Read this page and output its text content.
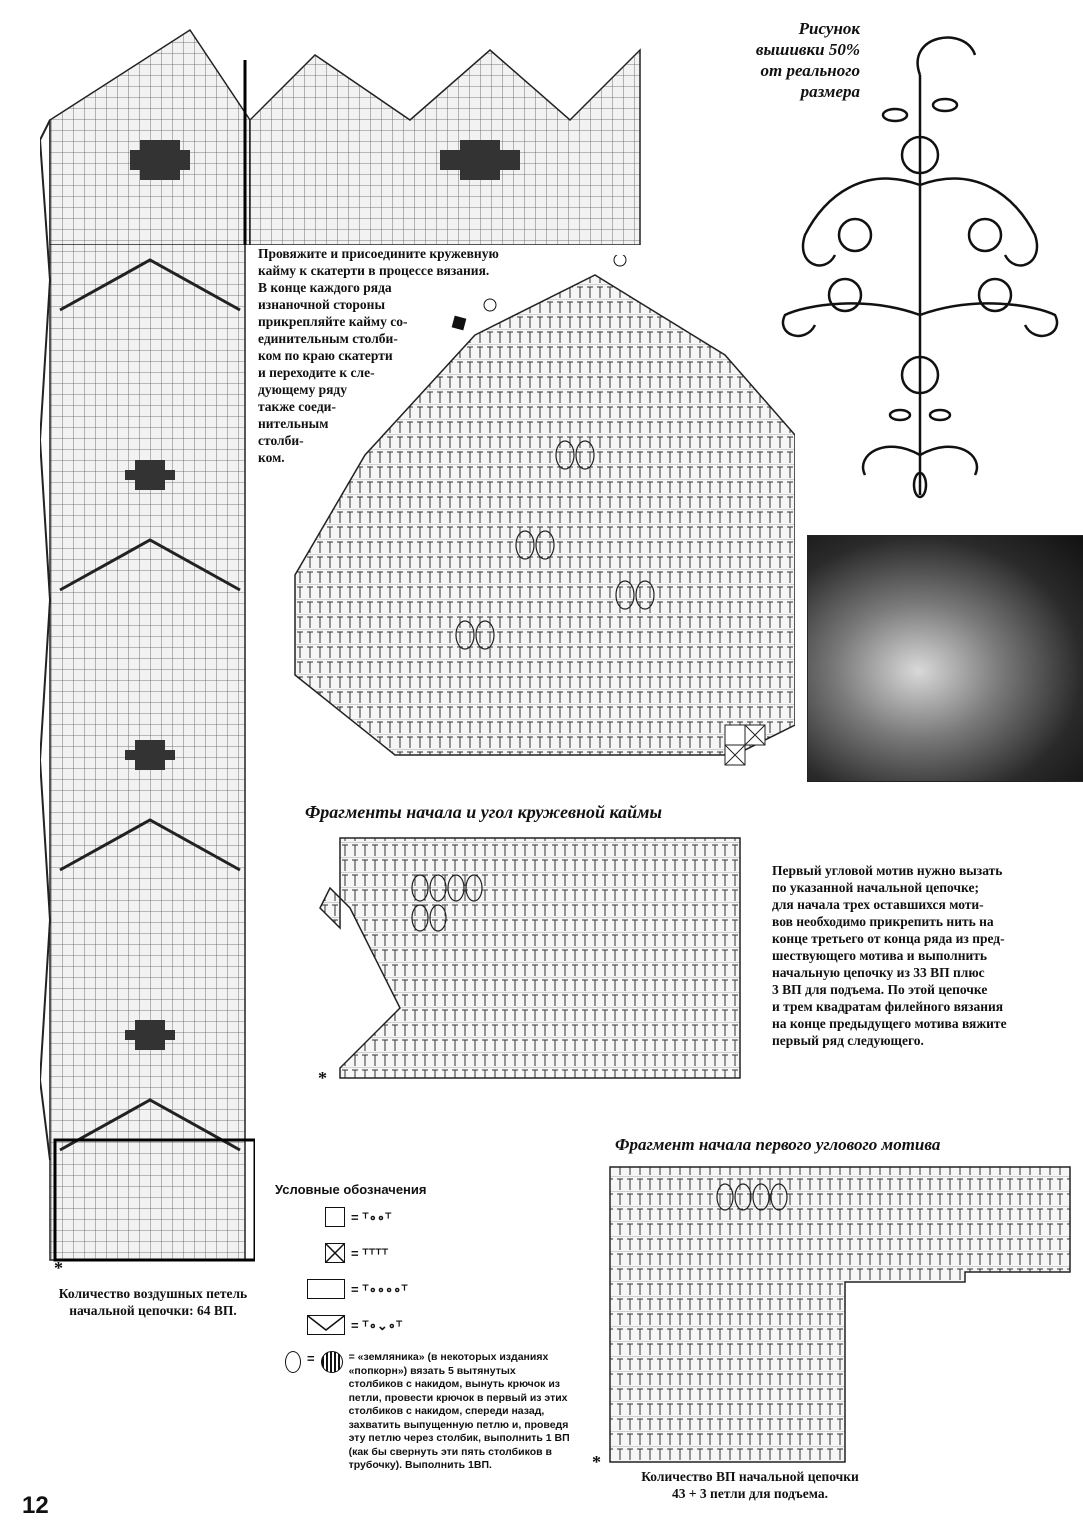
Рисунок
вышивки 50%
от реального
размера
Провяжите и присоедините кружевную
кайму к скатерти в процессе вязания.
В конце каждого ряда
изнаночной стороны
прикрепляйте кайму со-
единительным столби-
ком по краю скатерти
и переходите к сле-
дующему ряду
также соеди-
нительным
столби-
ком.
Фрагменты начала и угол кружевной каймы
*
Первый угловой мотив нужно вызать
по указанной начальной цепочке;
для начала трех оставшихся моти-
вов необходимо прикрепить нить на
конце третьего от конца ряда из пред-
шествующего мотива и выполнить
начальную цепочку из 33 ВП плюс
3 ВП для подъема. По этой цепочке
и трем квадратам филейного вязания
на конце предыдущего мотива вяжите
первый ряд следующего.
Фрагмент начала первого углового мотива
*
Количество воздушных петель
начальной цепочки: 64 ВП.
*
Количество ВП начальной цепочки
43 + 3 петли для подъема.
Условные обозначения
= ⸆∘∘⸆
= ⸆⸆⸆⸆
= ⸆∘∘∘∘⸆
= ⸆∘⌄∘⸆
=	= «земляника» (в некоторых изданиях
«попкорн») вязать 5 вытянутых
столбиков с накидом, вынуть крючок из
петли, провести крючок в первый из этих
столбиков с накидом, спереди назад,
захватить выпущенную петлю и, проведя
эту петлю через столбик, выполнить 1 ВП
(как бы свернуть эти пять столбиков в
трубочку). Выполнить 1ВП.
12
